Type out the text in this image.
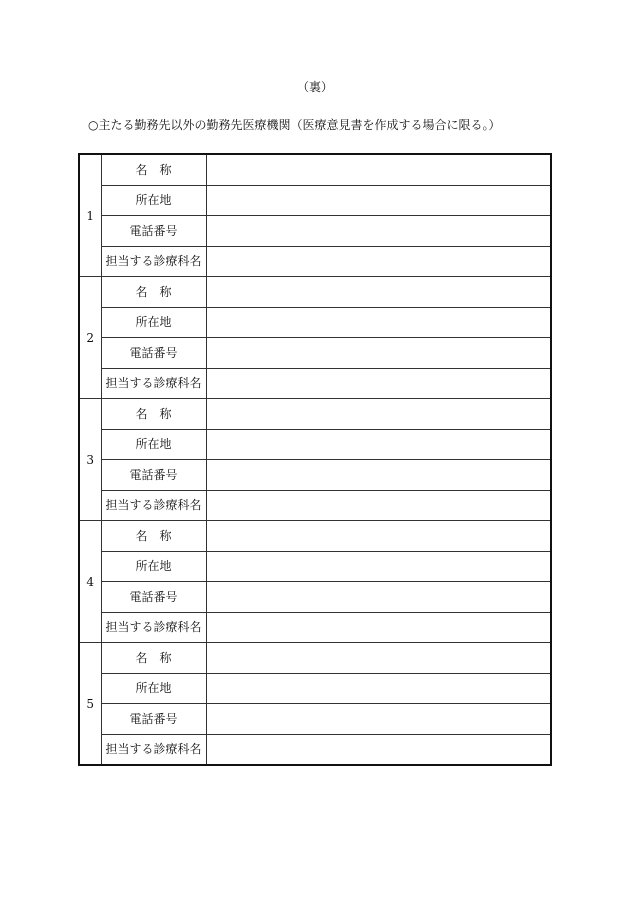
（裏）
○主たる勤務先以外の勤務先医療機関（医療意見書を作成する場合に限る。）
1	名　称	
	所在地	
	電話番号	
	担当する診療科名	
2	名　称	
	所在地	
	電話番号	
	担当する診療科名	
3	名　称	
	所在地	
	電話番号	
	担当する診療科名	
4	名　称	
	所在地	
	電話番号	
	担当する診療科名	
5	名　称	
	所在地	
	電話番号	
	担当する診療科名	
